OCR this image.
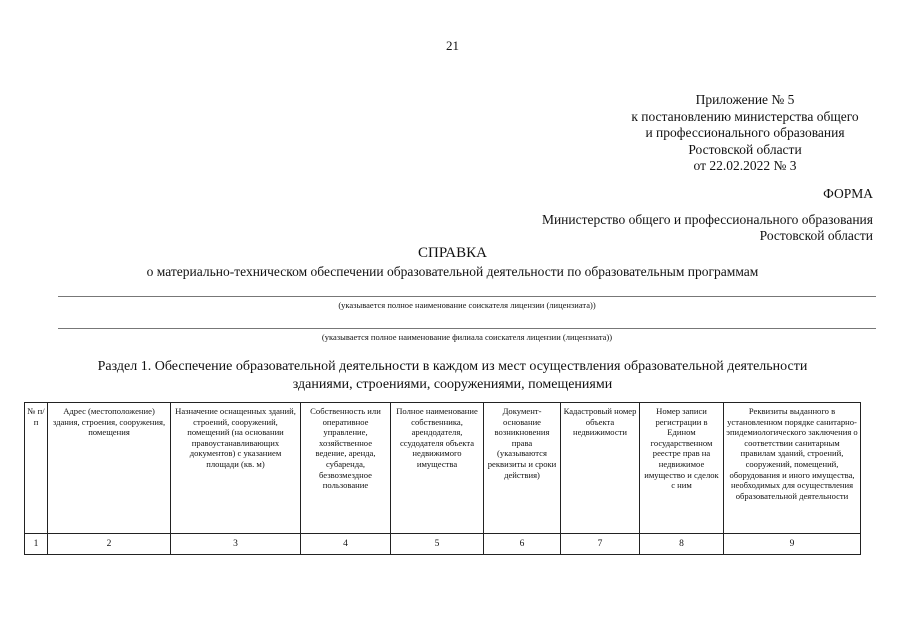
21
Приложение № 5
к постановлению министерства общего
и профессионального образования
Ростовской области
от 22.02.2022 № 3
ФОРМА
Министерство общего и профессионального образования
Ростовской области
СПРАВКА
о материально-техническом обеспечении образовательной деятельности по образовательным программам
(указывается полное наименование соискателя лицензии (лицензиата))
(указывается полное наименование филиала соискателя лицензии (лицензиата))
Раздел 1. Обеспечение образовательной деятельности в каждом из мест осуществления образовательной деятельности
зданиями, строениями, сооружениями, помещениями
№ п/п	Адрес (местоположение) здания, строения, сооружения, помещения	Назначение оснащенных зданий, строений, сооружений, помещений (на основании правоустанавливающих документов) с указанием площади (кв. м)	Собственность или оперативное управление, хозяйственное ведение, аренда, субаренда, безвозмездное пользование	Полное наименование собственника, арендодателя, ссудодателя объекта недвижимого имущества	Документ-основание возникновения права (указываются реквизиты и сроки действия)	Кадастровый номер объекта недвижимости	Номер записи регистрации в Едином государственном реестре прав на недвижимое имущество и сделок с ним	Реквизиты выданного в установленном порядке санитарно-эпидемиологического заключения о соответствии санитарным правилам зданий, строений, сооружений, помещений, оборудования и иного имущества, необходимых для осуществления образовательной деятельности
1	2	3	4	5	6	7	8	9
